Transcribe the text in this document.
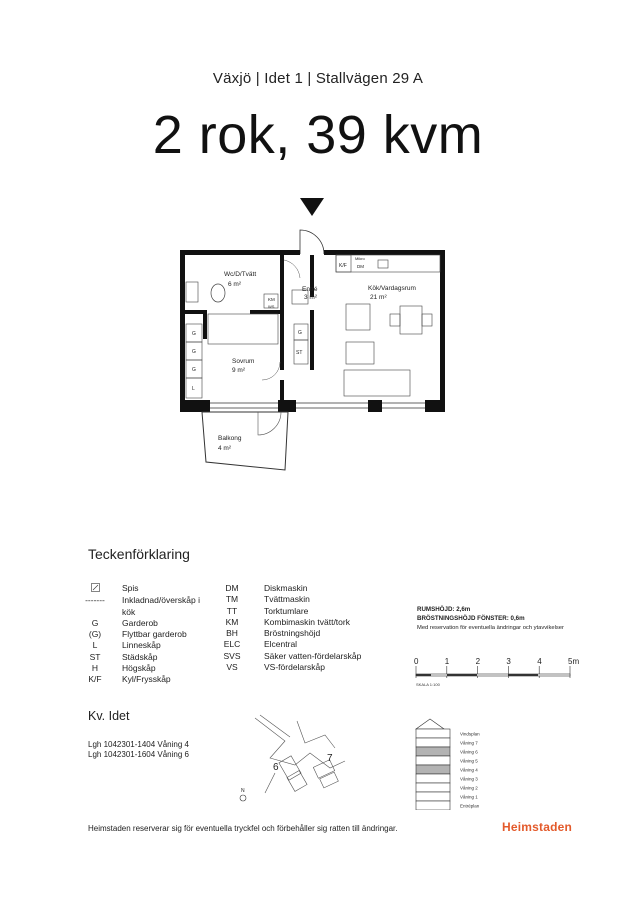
Växjö | Idet 1 | Stallvägen 29 A
2 rok, 39 kvm
Wc/D/Tvätt
6 m²
Entré
3 m²
Kök/Vardagsrum
21 m²
Sovrum
9 m²
Balkong
4 m²
K/F
Mikro
DM
KM
WS
G
G
G
L
G
ST
Teckenförklaring
Spis
-------	Inkladnad/överskåp i
kök
G	Garderob
(G)	Flyttbar garderob
L	Linneskåp
ST	Städskåp
H	Högskåp
K/F	Kyl/Frysskåp
DM	Diskmaskin
TM	Tvättmaskin
TT	Torktumlare
KM	Kombimaskin tvätt/tork
BH	Bröstningshöjd
ELC	Elcentral
SVS	Säker vatten-fördelarskåp
VS	VS-fördelarskåp
RUMSHÖJD: 2,6m
BRÖSTNINGSHÖJD FÖNSTER: 0,6m
Med reservation för eventuella ändringar och ytavvikelser
0	1	2	3	4	5m
SKALA 1:100
Kv. Idet
Lgh 1042301-1404 Våning 4
Lgh 1042301-1604 Våning 6
6
7
N
Vindsplan
Våning 7
Våning 6
Våning 5
Våning 4
Våning 3
Våning 2
Våning 1
Entréplan
Heimstaden reserverar sig för eventuella tryckfel och förbehåller sig ratten till ändringar.	Heimstaden
